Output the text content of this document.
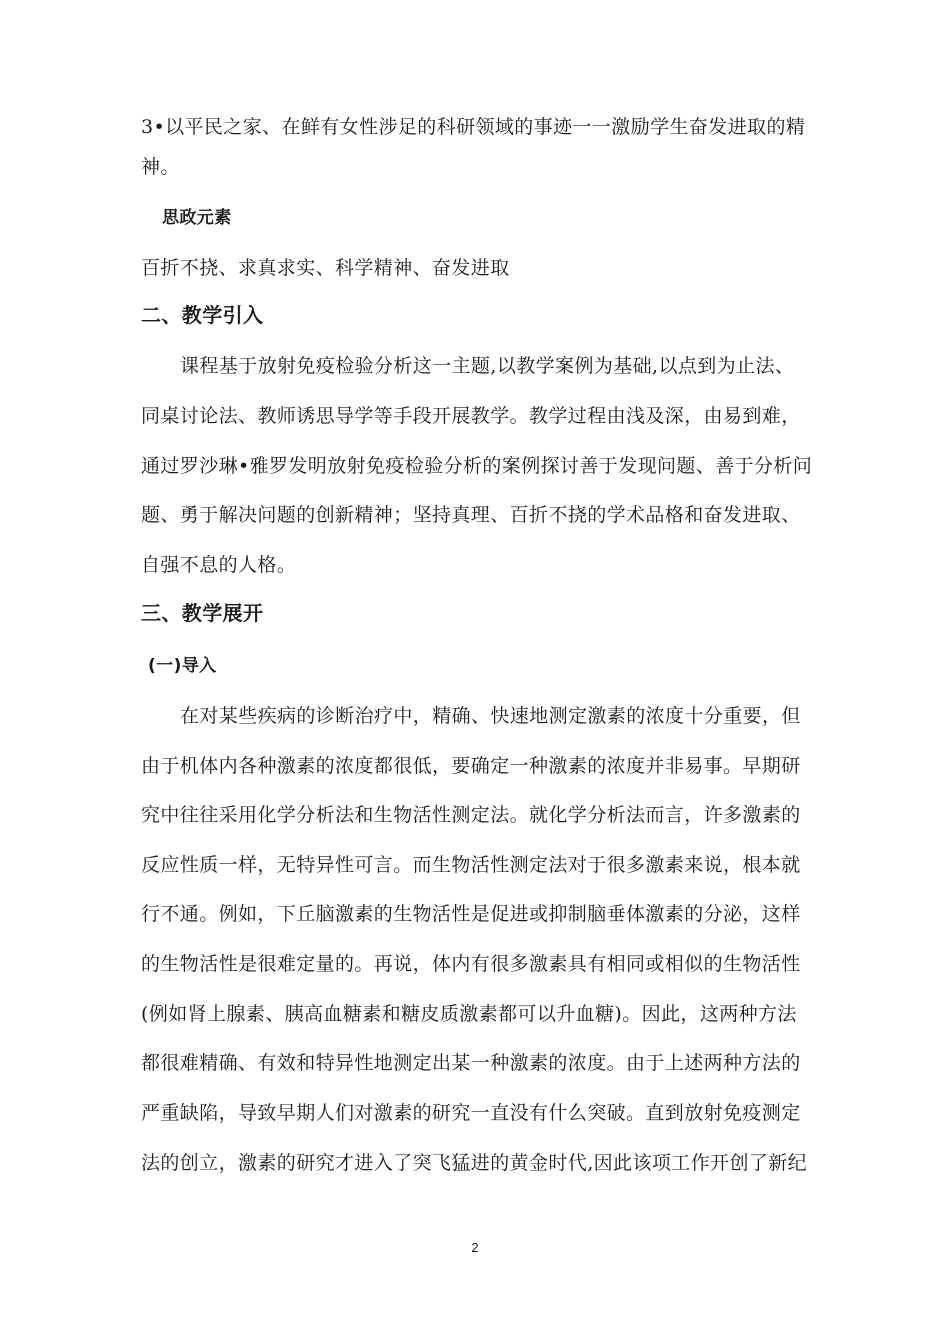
3•以平民之家、在鲜有女性涉足的科研领域的事迹一一激励学生奋发进取的精
神。
思政元素
百折不挠、求真求实、科学精神、奋发进取
二、教学引入
课程基于放射免疫检验分析这一主题,以教学案例为基础,以点到为止法、
同桌讨论法、教师诱思导学等手段开展教学。教学过程由浅及深，由易到难，
通过罗沙琳•雅罗发明放射免疫检验分析的案例探讨善于发现问题、善于分析问
题、勇于解决问题的创新精神；坚持真理、百折不挠的学术品格和奋发进取、
自强不息的人格。
三、教学展开
(一)导入
在对某些疾病的诊断治疗中，精确、快速地测定激素的浓度十分重要，但
由于机体内各种激素的浓度都很低，要确定一种激素的浓度并非易事。早期研
究中往往采用化学分析法和生物活性测定法。就化学分析法而言，许多激素的
反应性质一样，无特异性可言。而生物活性测定法对于很多激素来说，根本就
行不通。例如，下丘脑激素的生物活性是促进或抑制脑垂体激素的分泌，这样
的生物活性是很难定量的。再说，体内有很多激素具有相同或相似的生物活性
(例如肾上腺素、胰高血糖素和糖皮质激素都可以升血糖)。因此，这两种方法
都很难精确、有效和特异性地测定出某一种激素的浓度。由于上述两种方法的
严重缺陷，导致早期人们对激素的研究一直没有什么突破。直到放射免疫测定
法的创立，激素的研究才进入了突飞猛进的黄金时代,因此该项工作开创了新纪
2
